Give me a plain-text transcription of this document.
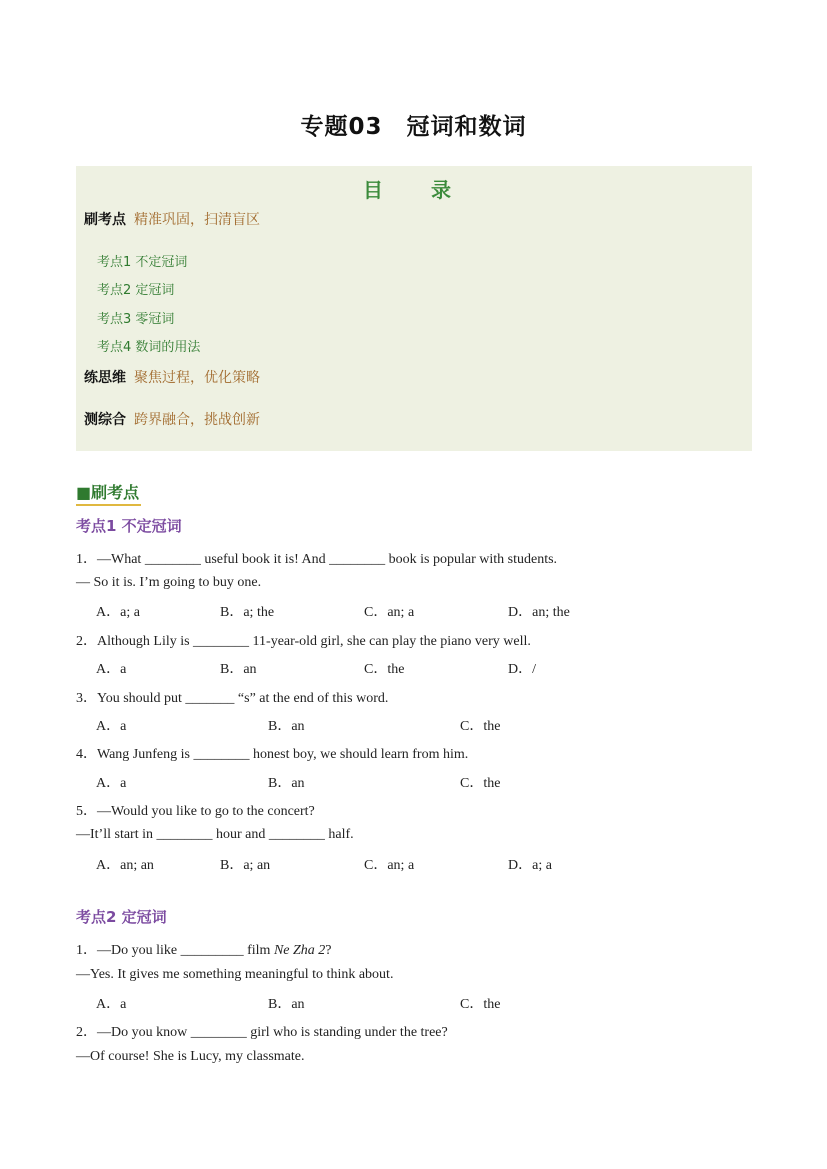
专题03　冠词和数词
目　录
刷考点 精准巩固，扫清盲区
考点1 不定冠词
考点2 定冠词
考点3 零冠词
考点4 数词的用法
练思维 聚焦过程，优化策略
测综合 跨界融合，挑战创新
■刷考点
考点1 不定冠词
1．—What ________ useful book it is! And ________ book is popular with students.
— So it is. I’m going to buy one.
A．a; a	B．a; the	C．an; a	D．an; the
2．Although Lily is ________ 11-year-old girl, she can play the piano very well.
A．a	B．an	C．the	D．/
3．You should put _______ “s” at the end of this word.
A．a	B．an	C．the
4．Wang Junfeng is ________ honest boy, we should learn from him.
A．a	B．an	C．the
5．—Would you like to go to the concert?
—It’ll start in ________ hour and ________ half.
A．an; an	B．a; an	C．an; a	D．a; a
考点2 定冠词
1．—Do you like _________ film Ne Zha 2?
—Yes. It gives me something meaningful to think about.
A．a	B．an	C．the
2．—Do you know ________ girl who is standing under the tree?
—Of course! She is Lucy, my classmate.
